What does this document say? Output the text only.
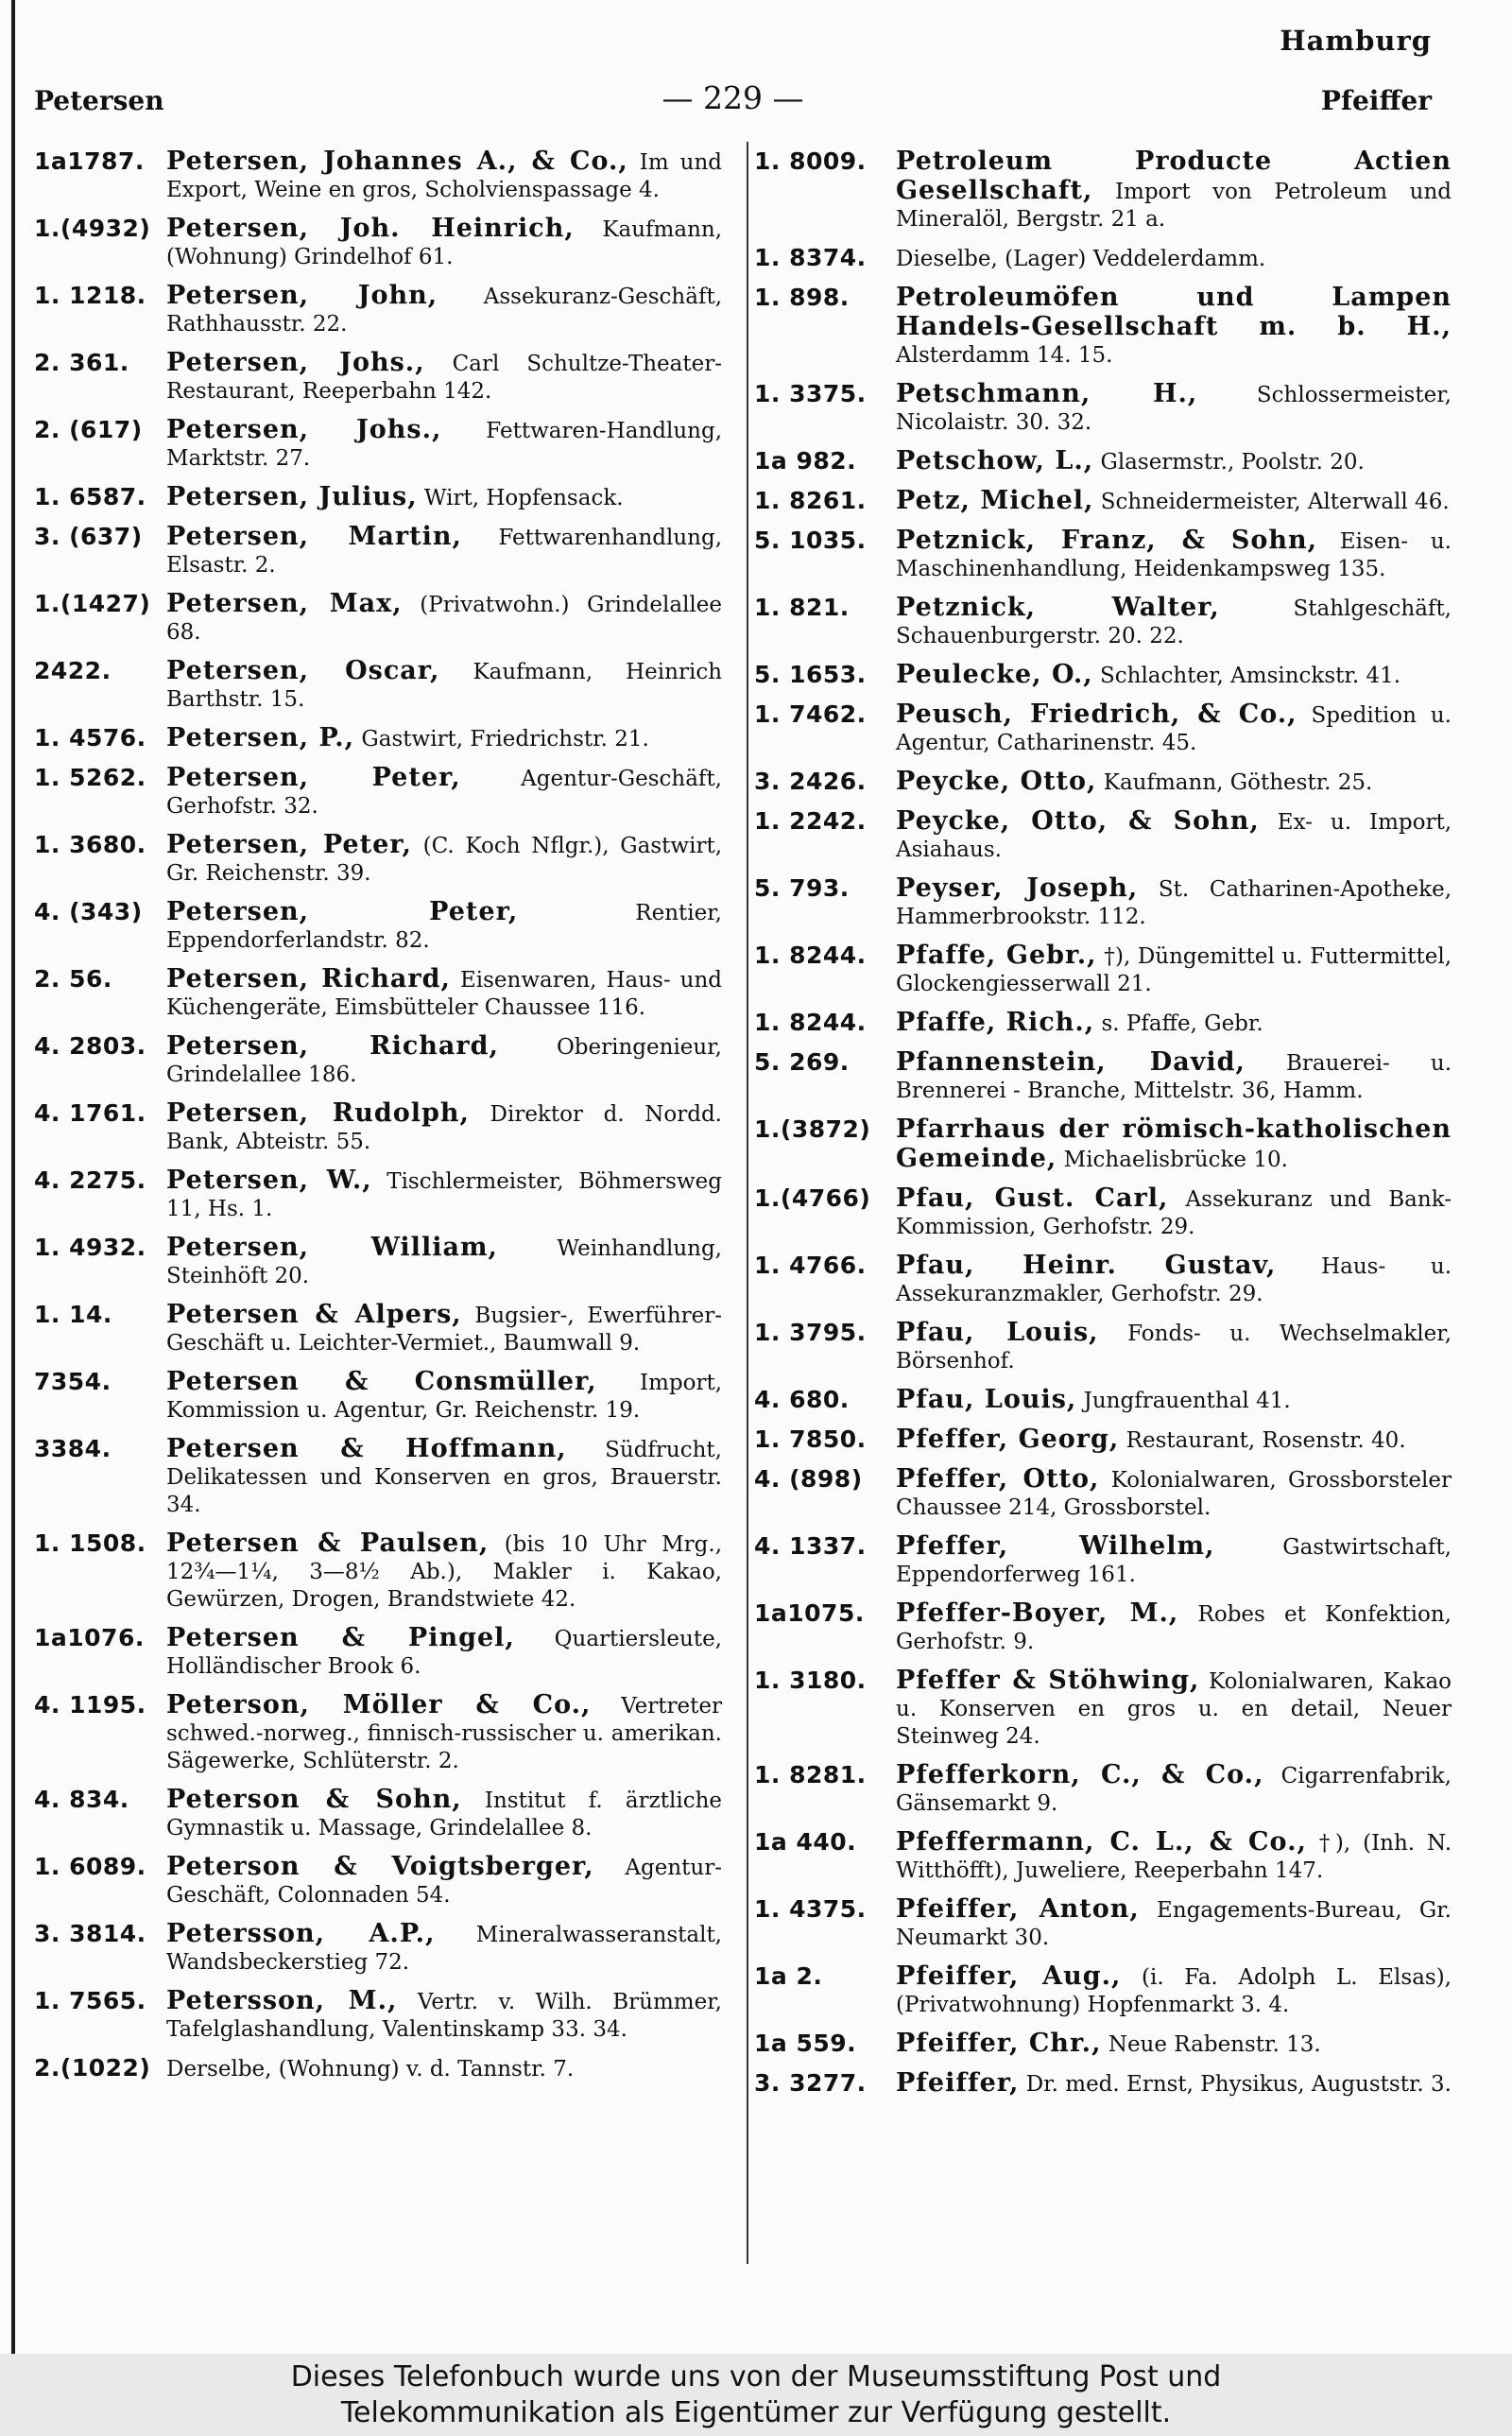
Hamburg
Petersen	— 229 —	Pfeiffer
1a1787. Petersen, Johannes A., & Co., Im und Export, Weine en gros, Scholvienspassage 4.
1.(4932) Petersen, Joh. Heinrich, Kaufmann, (Wohnung) Grindelhof 61.
1. 1218. Petersen, John, Assekuranz-Geschäft, Rathhausstr. 22.
2. 361.	Petersen, Johs., Carl Schultze-Theater-Restaurant, Reeperbahn 142.
2. (617) Petersen, Johs., Fettwaren-Handlung, Marktstr. 27.
1. 6587. Petersen, Julius, Wirt, Hopfensack.
3. (637) Petersen, Martin, Fettwarenhandlung, Elsastr. 2.
1.(1427) Petersen, Max, (Privatwohn.) Grindelallee 68.
2422.	Petersen, Oscar, Kaufmann, Heinrich Barthstr. 15.
1. 4576. Petersen, P., Gastwirt, Friedrichstr. 21.
1. 5262. Petersen, Peter,	Agentur-Geschäft, Gerhofstr. 32.
1. 3680. Petersen, Peter, (C. Koch Nflgr.), Gastwirt, Gr. Reichenstr. 39.
4. (343) Petersen, Peter,	Rentier, Eppendorferlandstr. 82.
2. 56.	Petersen, Richard, Eisenwaren, Haus- und Küchengeräte, Eimsbütteler Chaussee 116.
4. 2803. Petersen, Richard,	Oberingenieur, Grindelallee 186.
4. 1761. Petersen, Rudolph, Direktor d. Nordd. Bank, Abteistr. 55.
4. 2275. Petersen, W., Tischlermeister, Böhmersweg 11, Hs. 1.
1. 4932. Petersen, William,	Weinhandlung, Steinhöft 20.
1. 14.	Petersen & Alpers, Bugsier-, Ewerführer-Geschäft u. Leichter-Vermiet., Baumwall 9.
7354.	Petersen & Consmüller, Import, Kommission u. Agentur, Gr. Reichenstr. 19.
3384.	Petersen & Hoffmann, Südfrucht, Delikatessen und Konserven en gros, Brauerstr. 34.
1. 1508. Petersen & Paulsen, (bis 10 Uhr Mrg., 12¾—1¼, 3—8½ Ab.), Makler i. Kakao, Gewürzen, Drogen, Brandstwiete 42.
1a1076. Petersen & Pingel, Quartiersleute, Holländischer Brook 6.
4. 1195. Peterson, Möller & Co., Vertreter schwed.-norweg., finnisch-russischer u. amerikan. Sägewerke, Schlüterstr. 2.
4. 834.	Peterson & Sohn, Institut f. ärztliche Gymnastik u. Massage, Grindelallee 8.
1. 6089. Peterson & Voigtsberger, Agentur-Geschäft, Colonnaden 54.
3. 3814. Petersson, A.P., Mineralwasseranstalt, Wandsbeckerstieg 72.
1. 7565. Petersson, M., Vertr. v. Wilh. Brümmer, Tafelglashandlung, Valentinskamp 33. 34.
2.(1022) Derselbe, (Wohnung) v. d. Tannstr. 7.
1. 8009.	Petroleum Producte Actien Gesellschaft, Import von Petroleum und Mineralöl, Bergstr. 21 a.
1. 8374.	Dieselbe, (Lager) Veddelerdamm.
1. 898.	Petroleumöfen und Lampen Handels-Gesellschaft m. b. H., Alsterdamm 14. 15.
1. 3375.	Petschmann, H.,	Schlossermeister, Nicolaistr. 30. 32.
1a 982.	Petschow, L., Glasermstr., Poolstr. 20.
1. 8261.	Petz, Michel, Schneidermeister, Alterwall 46.
5. 1035.	Petznick, Franz, & Sohn, Eisen- u. Maschinenhandlung, Heidenkampsweg 135.
1. 821.	Petznick, Walter,	Stahlgeschäft, Schauenburgerstr. 20. 22.
5. 1653.	Peulecke, O., Schlachter, Amsinckstr. 41.
1. 7462.	Peusch, Friedrich, & Co., Spedition u. Agentur, Catharinenstr. 45.
3. 2426.	Peycke, Otto, Kaufmann, Göthestr. 25.
1. 2242.	Peycke, Otto, & Sohn, Ex- u. Import, Asiahaus.
5. 793.	Peyser, Joseph, St. Catharinen-Apotheke, Hammerbrookstr. 112.
1. 8244.	Pfaffe, Gebr., †), Düngemittel u. Futtermittel, Glockengiesserwall 21.
1. 8244.	Pfaffe, Rich., s. Pfaffe, Gebr.
5. 269.	Pfannenstein, David, Brauerei- u. Brennerei - Branche, Mittelstr. 36, Hamm.
1.(3872) Pfarrhaus der römisch-katholischen Gemeinde, Michaelisbrücke 10.
1.(4766) Pfau, Gust. Carl, Assekuranz und Bank-Kommission, Gerhofstr. 29.
1. 4766.	Pfau, Heinr. Gustav, Haus- u. Assekuranzmakler, Gerhofstr. 29.
1. 3795.	Pfau, Louis, Fonds- u. Wechselmakler, Börsenhof.
4. 680.	Pfau, Louis, Jungfrauenthal 41.
1. 7850.	Pfeffer, Georg, Restaurant, Rosenstr. 40.
4. (898)	Pfeffer, Otto, Kolonialwaren, Grossborsteler Chaussee 214, Grossborstel.
4. 1337.	Pfeffer, Wilhelm,	Gastwirtschaft, Eppendorferweg 161.
1a1075.	Pfeffer-Boyer, M., Robes et Konfektion, Gerhofstr. 9.
1. 3180.	Pfeffer & Stöhwing, Kolonialwaren, Kakao u. Konserven en gros u. en detail, Neuer Steinweg 24.
1. 8281.	Pfefferkorn, C., & Co., Cigarrenfabrik, Gänsemarkt 9.
1a 440.	Pfeffermann, C. L., & Co., †), (Inh. N. Witthöfft), Juweliere, Reeperbahn 147.
1. 4375.	Pfeiffer, Anton, Engagements-Bureau, Gr. Neumarkt 30.
1a 2.	Pfeiffer, Aug., (i. Fa. Adolph L. Elsas), (Privatwohnung) Hopfenmarkt 3. 4.
1a 559.	Pfeiffer, Chr., Neue Rabenstr. 13.
3. 3277.	Pfeiffer, Dr. med. Ernst, Physikus, Auguststr. 3.
Dieses Telefonbuch wurde uns von der Museumsstiftung Post und
Telekommunikation als Eigentümer zur Verfügung gestellt.
